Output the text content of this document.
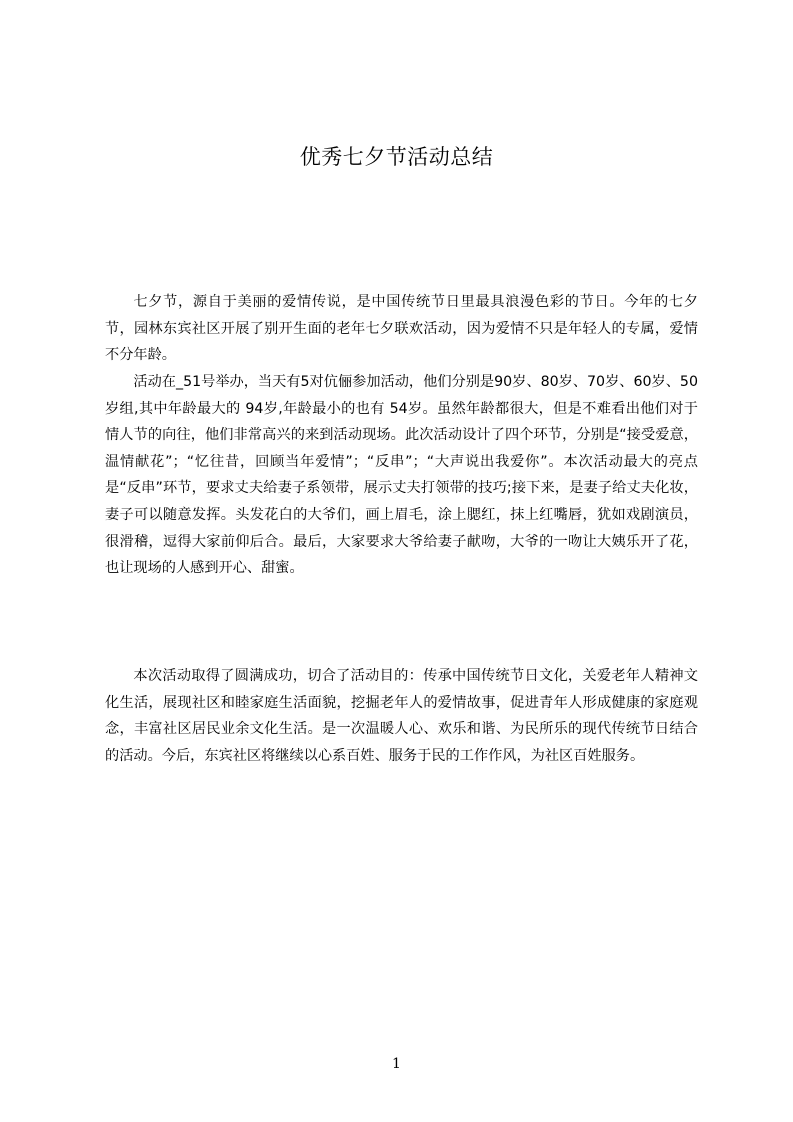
优秀七夕节活动总结

七夕节，源自于美丽的爱情传说，是中国传统节日里最具浪漫色彩的节日。今年的七夕节，园林东宾社区开展了别开生面的老年七夕联欢活动，因为爱情不只是年轻人的专属，爱情不分年龄。

活动在_51号举办，当天有5对伉俪参加活动，他们分别是90岁、80岁、70岁、60岁、50岁组,其中年龄最大的 94岁,年龄最小的也有 54岁。虽然年龄都很大，但是不难看出他们对于情人节的向往，他们非常高兴的来到活动现场。此次活动设计了四个环节，分别是“接受爱意，温情献花”；“忆往昔，回顾当年爱情”；“反串”；“大声说出我爱你”。本次活动最大的亮点是“反串”环节，要求丈夫给妻子系领带，展示丈夫打领带的技巧;接下来，是妻子给丈夫化妆，妻子可以随意发挥。头发花白的大爷们，画上眉毛，涂上腮红，抹上红嘴唇，犹如戏剧演员，很滑稽，逗得大家前仰后合。最后，大家要求大爷给妻子献吻，大爷的一吻让大姨乐开了花，也让现场的人感到开心、甜蜜。

本次活动取得了圆满成功，切合了活动目的：传承中国传统节日文化，关爱老年人精神文化生活，展现社区和睦家庭生活面貌，挖掘老年人的爱情故事，促进青年人形成健康的家庭观念，丰富社区居民业余文化生活。是一次温暖人心、欢乐和谐、为民所乐的现代传统节日结合的活动。今后，东宾社区将继续以心系百姓、服务于民的工作作风，为社区百姓服务。

1
